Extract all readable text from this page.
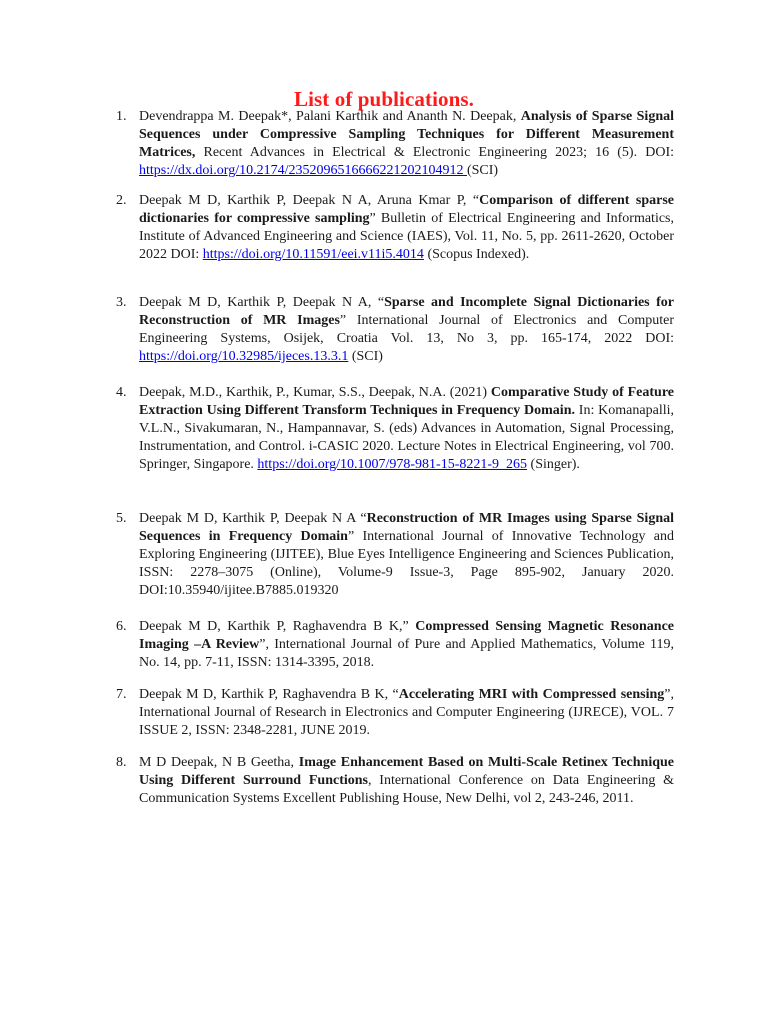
List of publications.
1. Devendrappa M. Deepak*, Palani Karthik and Ananth N. Deepak, Analysis of Sparse Signal Sequences under Compressive Sampling Techniques for Different Measurement Matrices, Recent Advances in Electrical & Electronic Engineering 2023; 16 (5). DOI: https://dx.doi.org/10.2174/2352096516666221202104912 (SCI)
2. Deepak M D, Karthik P, Deepak N A, Aruna Kmar P, “Comparison of different sparse dictionaries for compressive sampling” Bulletin of Electrical Engineering and Informatics, Institute of Advanced Engineering and Science (IAES), Vol. 11, No. 5, pp. 2611-2620, October 2022 DOI: https://doi.org/10.11591/eei.v11i5.4014 (Scopus Indexed).
3. Deepak M D, Karthik P, Deepak N A, “Sparse and Incomplete Signal Dictionaries for Reconstruction of MR Images” International Journal of Electronics and Computer Engineering Systems, Osijek, Croatia Vol. 13, No 3, pp. 165-174, 2022 DOI: https://doi.org/10.32985/ijeces.13.3.1 (SCI)
4. Deepak, M.D., Karthik, P., Kumar, S.S., Deepak, N.A. (2021) Comparative Study of Feature Extraction Using Different Transform Techniques in Frequency Domain. In: Komanapalli, V.L.N., Sivakumaran, N., Hampannavar, S. (eds) Advances in Automation, Signal Processing, Instrumentation, and Control. i-CASIC 2020. Lecture Notes in Electrical Engineering, vol 700. Springer, Singapore. https://doi.org/10.1007/978-981-15-8221-9_265 (Singer).
5. Deepak M D, Karthik P, Deepak N A “Reconstruction of MR Images using Sparse Signal Sequences in Frequency Domain” International Journal of Innovative Technology and Exploring Engineering (IJITEE), Blue Eyes Intelligence Engineering and Sciences Publication, ISSN: 2278–3075 (Online), Volume-9 Issue-3, Page 895-902, January 2020. DOI:10.35940/ijitee.B7885.019320
6. Deepak M D, Karthik P, Raghavendra B K,” Compressed Sensing Magnetic Resonance Imaging –A Review”, International Journal of Pure and Applied Mathematics, Volume 119, No. 14, pp. 7-11, ISSN: 1314-3395, 2018.
7. Deepak M D, Karthik P, Raghavendra B K, “Accelerating MRI with Compressed sensing”, International Journal of Research in Electronics and Computer Engineering (IJRECE), VOL. 7 ISSUE 2, ISSN: 2348-2281, JUNE 2019.
8. M D Deepak, N B Geetha, Image Enhancement Based on Multi-Scale Retinex Technique Using Different Surround Functions, International Conference on Data Engineering & Communication Systems Excellent Publishing House, New Delhi, vol 2, 243-246, 2011.
